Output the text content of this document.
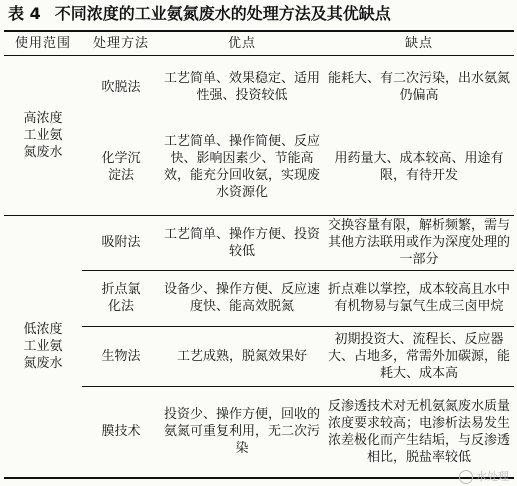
表 4 不同浓度的工业氨氮废水的处理方法及其优缺点
使用范围	处理方法	优点	缺点
高浓度工业氨氮废水	吹脱法	工艺简单、效果稳定、适用性强、投资较低	能耗大、有二次污染，出水氨氮仍偏高
	化学沉淀法	工艺简单、操作简便、反应快、影响因素少、节能高效，能充分回收氨，实现废水资源化	用药量大、成本较高、用途有限，有待开发
低浓度工业氨氮废水	吸附法	工艺简单、操作方便、投资较低	交换容量有限，解析频繁，需与其他方法联用或作为深度处理的一部分
	折点氯化法	设备少、操作方便、反应速度快、能高效脱氮	折点难以掌控，成本较高且水中有机物易与氯气生成三卤甲烷
	生物法	工艺成熟，脱氮效果好	初期投资大、流程长、反应器大、占地多，常需外加碳源，能耗大、成本高
	膜技术	投资少、操作方便，回收的氨氮可重复利用，无二次污染	反渗透技术对无机氨氮废水质量浓度要求较高；电渗析法易发生浓差极化而产生结垢，与反渗透相比，脱盐率较低
水处理
